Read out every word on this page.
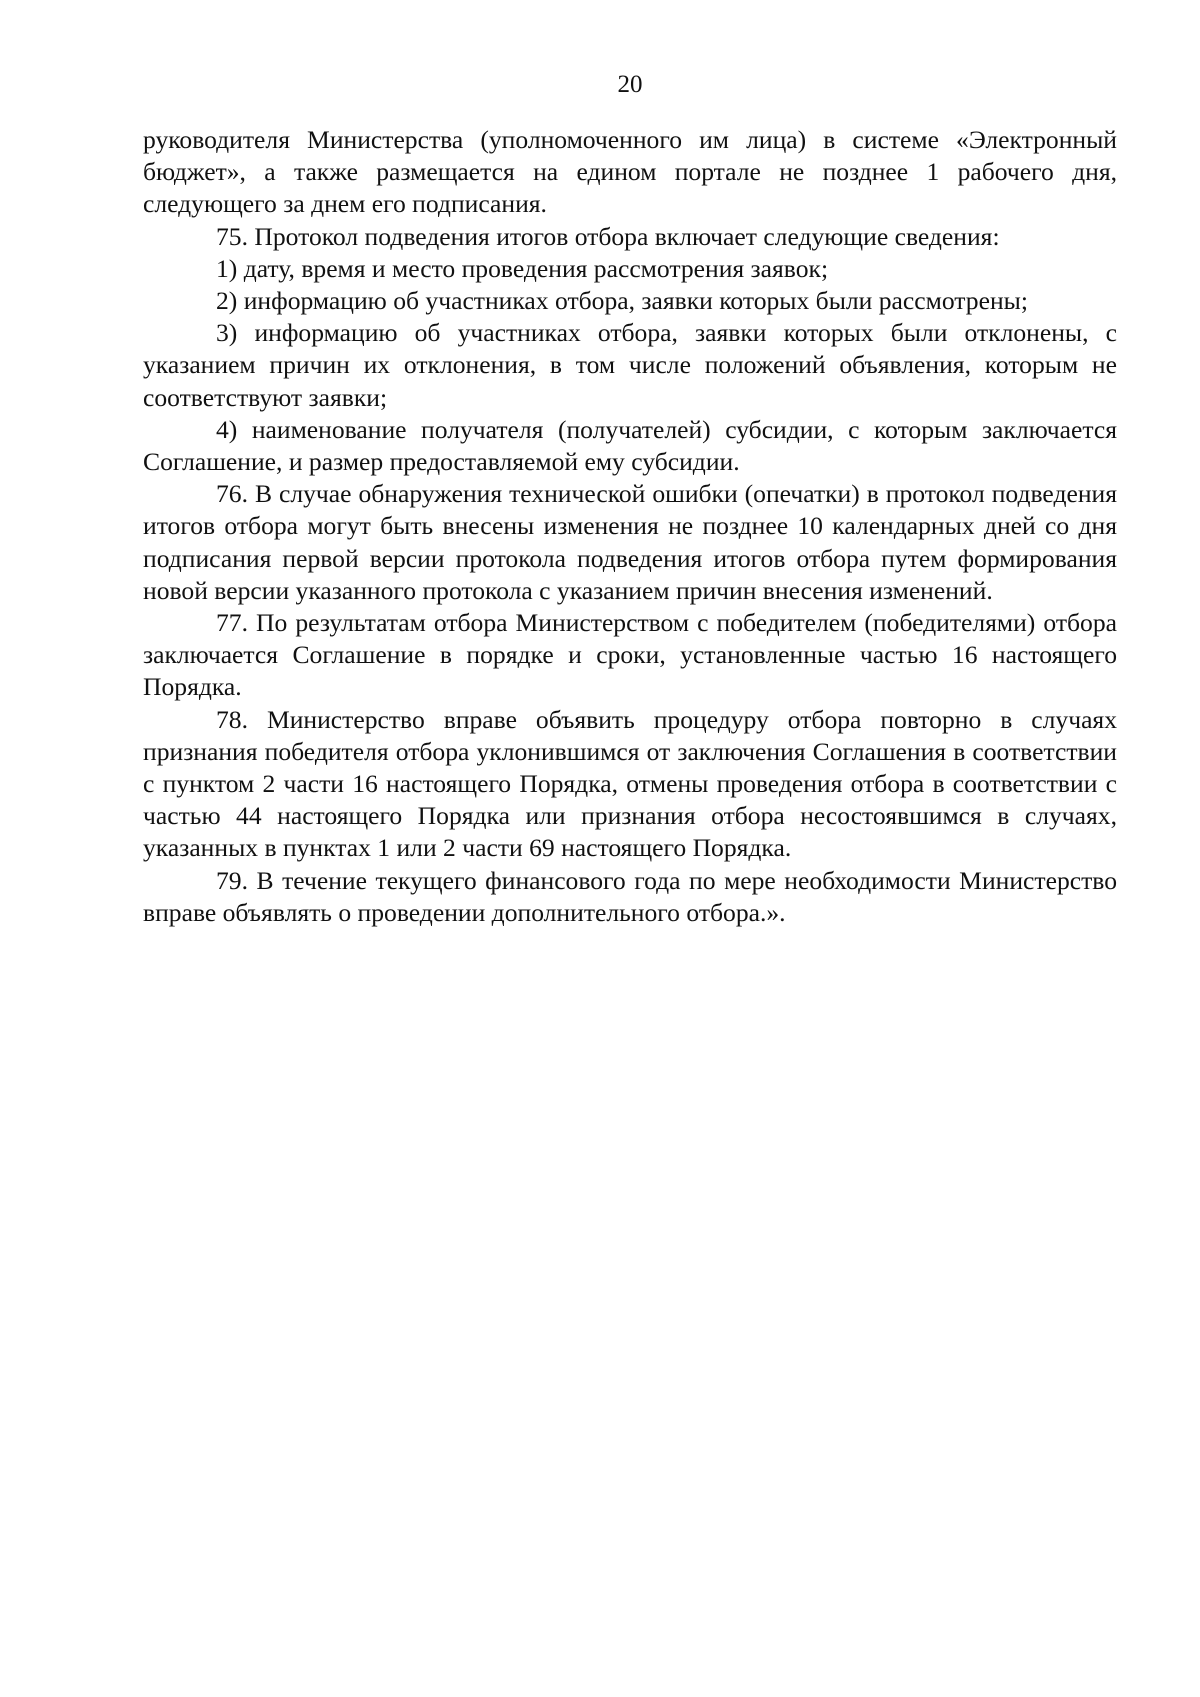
20

руководителя Министерства (уполномоченного им лица) в системе «Электронный бюджет», а также размещается на едином портале не позднее 1 рабочего дня, следующего за днем его подписания.

75. Протокол подведения итогов отбора включает следующие сведения:

1) дату, время и место проведения рассмотрения заявок;

2) информацию об участниках отбора, заявки которых были рассмотрены;

3) информацию об участниках отбора, заявки которых были отклонены, с указанием причин их отклонения, в том числе положений объявления, которым не соответствуют заявки;

4) наименование получателя (получателей) субсидии, с которым заключается Соглашение, и размер предоставляемой ему субсидии.

76. В случае обнаружения технической ошибки (опечатки) в протокол подведения итогов отбора могут быть внесены изменения не позднее 10 календарных дней со дня подписания первой версии протокола подведения итогов отбора путем формирования новой версии указанного протокола с указанием причин внесения изменений.

77. По результатам отбора Министерством с победителем (победителями) отбора заключается Соглашение в порядке и сроки, установленные частью 16 настоящего Порядка.

78. Министерство вправе объявить процедуру отбора повторно в случаях признания победителя отбора уклонившимся от заключения Соглашения в соответствии с пунктом 2 части 16 настоящего Порядка, отмены проведения отбора в соответствии с частью 44 настоящего Порядка или признания отбора несостоявшимся в случаях, указанных в пунктах 1 или 2 части 69 настоящего Порядка.

79. В течение текущего финансового года по мере необходимости Министерство вправе объявлять о проведении дополнительного отбора.».
